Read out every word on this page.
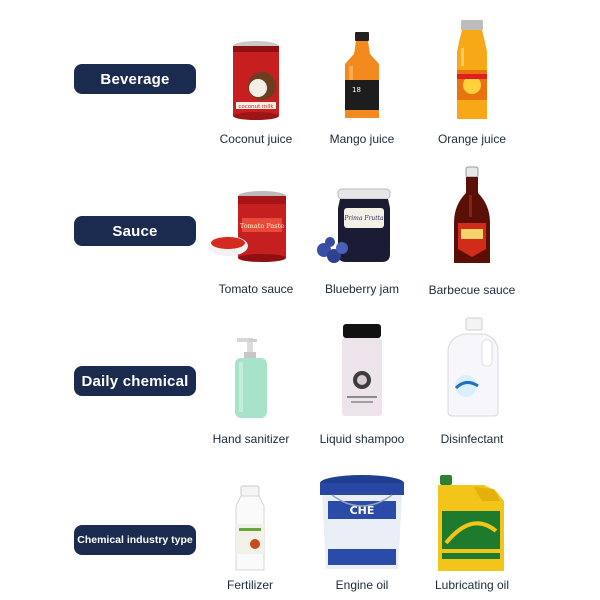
Beverage
Sauce
Daily chemical
Chemical industry type
coconut milk
Coconut juice
18
Mango juice	Orange juice
Tomato Paste
Tomato sauce
Prima Frutta
Blueberry jam	Barbecue sauce
Hand sanitizer	Liquid shampoo	Disinfectant
Fertilizer
CHE
Engine oil	Lubricating oil
